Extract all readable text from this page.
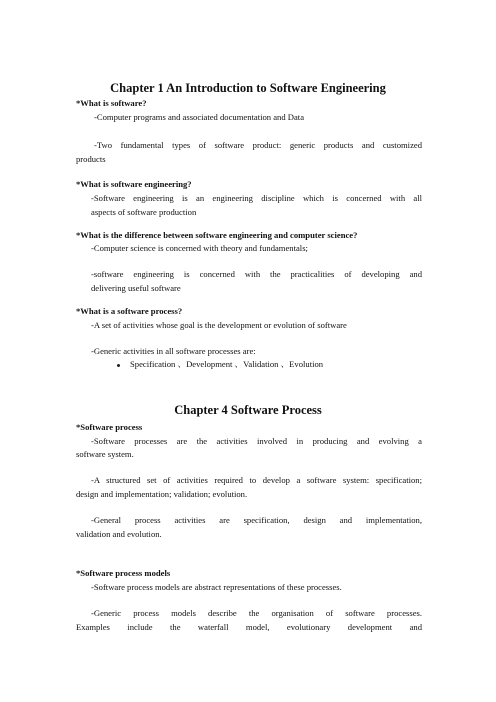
Chapter 1 An Introduction to Software Engineering
*What is software?
-Computer programs and associated documentation and Data
-Two fundamental types of software product: generic products and customized
products
*What is software engineering?
-Software engineering is an engineering discipline which is concerned with all
aspects of software production
*What is the difference between software engineering and computer science?
-Computer science is concerned with theory and fundamentals;
-software engineering is concerned with the practicalities of developing and
delivering useful software
*What is a software process?
-A set of activities whose goal is the development or evolution of software
-Generic activities in all software processes are:
Specification 、Development 、Validation 、Evolution
Chapter 4 Software Process
*Software process
-Software processes are the activities involved in producing and evolving a
software system.
-A structured set of activities required to develop a software system: specification;
design and implementation; validation; evolution.
-General process activities are specification, design and implementation,
validation and evolution.
*Software process models
-Software process models are abstract representations of these processes.
-Generic process models describe the organisation of software processes.
Examples include the waterfall model, evolutionary development and
